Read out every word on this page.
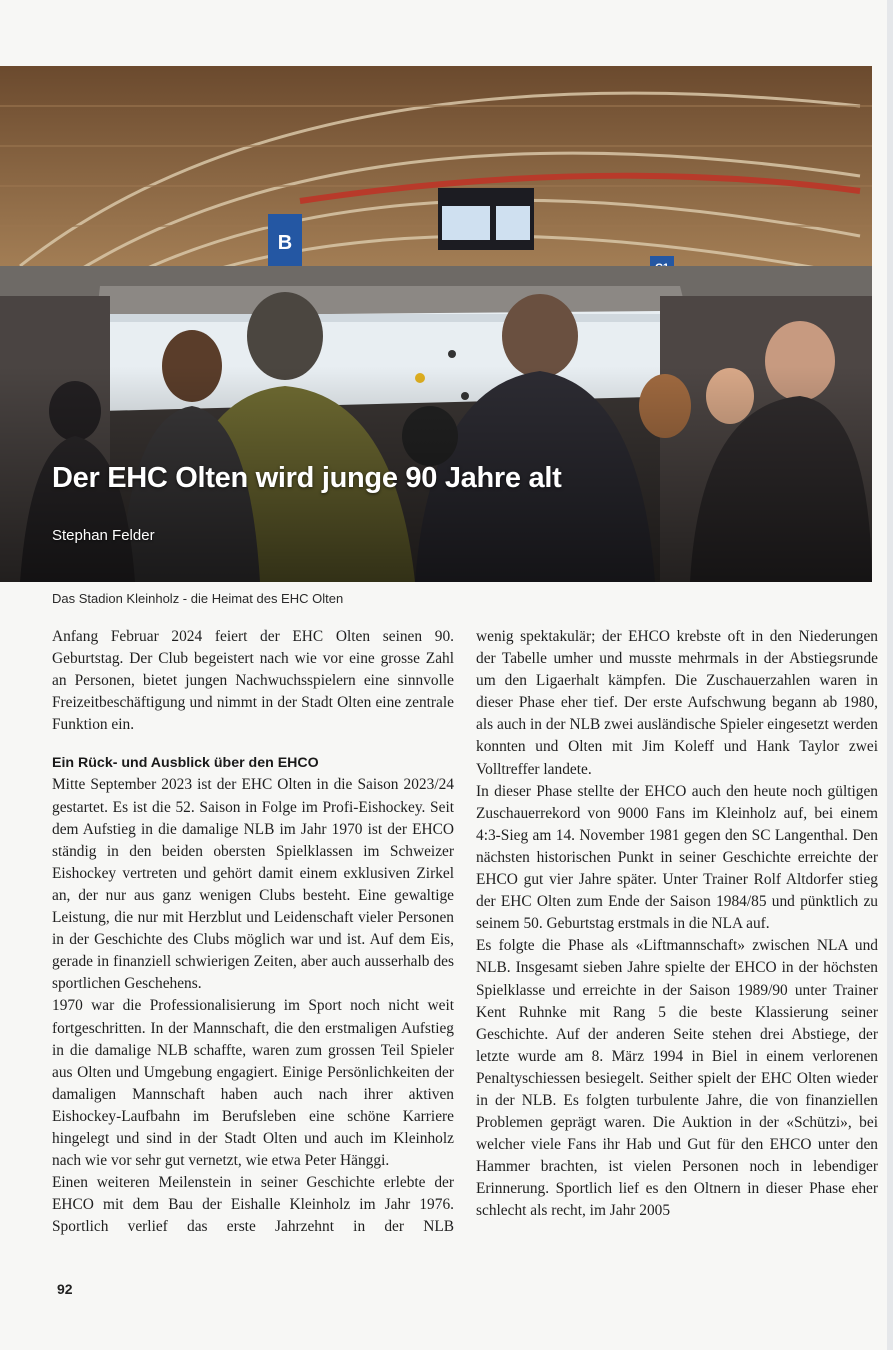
B
Der EHC Olten wird junge 90 Jahre alt
Stephan Felder
Das Stadion Kleinholz - die Heimat des EHC Olten

Anfang Februar 2024 feiert der EHC Olten seinen 90. Geburtstag. Der Club begeistert nach wie vor eine grosse Zahl an Personen, bietet jungen Nachwuchsspielern eine sinnvolle Freizeitbeschäftigung und nimmt in der Stadt Olten eine zentrale Funktion ein.

Ein Rück- und Ausblick über den EHCO

Mitte September 2023 ist der EHC Olten in die Saison 2023/24 gestartet. Es ist die 52. Saison in Folge im Profi-Eishockey. Seit dem Aufstieg in die damalige NLB im Jahr 1970 ist der EHCO ständig in den beiden obersten Spielklassen im Schweizer Eishockey vertreten und gehört damit einem exklusiven Zirkel an, der nur aus ganz wenigen Clubs besteht. Eine gewaltige Leistung, die nur mit Herzblut und Leidenschaft vieler Personen in der Geschichte des Clubs möglich war und ist. Auf dem Eis, gerade in finanziell schwierigen Zeiten, aber auch ausserhalb des sportlichen Geschehens.

1970 war die Professionalisierung im Sport noch nicht weit fortgeschritten. In der Mannschaft, die den erstmaligen Aufstieg in die damalige NLB schaffte, waren zum grossen Teil Spieler aus Olten und Umgebung engagiert. Einige Persönlichkeiten der damaligen Mannschaft haben auch nach ihrer aktiven Eishockey-Laufbahn im Berufsleben eine schöne Karriere hingelegt und sind in der Stadt Olten und auch im Kleinholz nach wie vor sehr gut vernetzt, wie etwa Peter Hänggi.

Einen weiteren Meilenstein in seiner Geschichte erlebte der EHCO mit dem Bau der Eishalle Kleinholz im Jahr 1976. Sportlich verlief das erste Jahrzehnt in der NLB

wenig spektakulär; der EHCO krebste oft in den Niederungen der Tabelle umher und musste mehrmals in der Abstiegsrunde um den Ligaerhalt kämpfen. Die Zuschauerzahlen waren in dieser Phase eher tief. Der erste Aufschwung begann ab 1980, als auch in der NLB zwei ausländische Spieler eingesetzt werden konnten und Olten mit Jim Koleff und Hank Taylor zwei Volltreffer landete.

In dieser Phase stellte der EHCO auch den heute noch gültigen Zuschauerrekord von 9000 Fans im Kleinholz auf, bei einem 4:3-Sieg am 14. November 1981 gegen den SC Langenthal. Den nächsten historischen Punkt in seiner Geschichte erreichte der EHCO gut vier Jahre später. Unter Trainer Rolf Altdorfer stieg der EHC Olten zum Ende der Saison 1984/85 und pünktlich zu seinem 50. Geburtstag erstmals in die NLA auf.

Es folgte die Phase als «Liftmannschaft» zwischen NLA und NLB. Insgesamt sieben Jahre spielte der EHCO in der höchsten Spielklasse und erreichte in der Saison 1989/90 unter Trainer Kent Ruhnke mit Rang 5 die beste Klassierung seiner Geschichte. Auf der anderen Seite stehen drei Abstiege, der letzte wurde am 8. März 1994 in Biel in einem verlorenen Penaltyschiessen besiegelt. Seither spielt der EHC Olten wieder in der NLB. Es folgten turbulente Jahre, die von finanziellen Problemen geprägt waren. Die Auktion in der «Schützi», bei welcher viele Fans ihr Hab und Gut für den EHCO unter den Hammer brachten, ist vielen Personen noch in lebendiger Erinnerung. Sportlich lief es den Oltnern in dieser Phase eher schlecht als recht, im Jahr 2005

92
